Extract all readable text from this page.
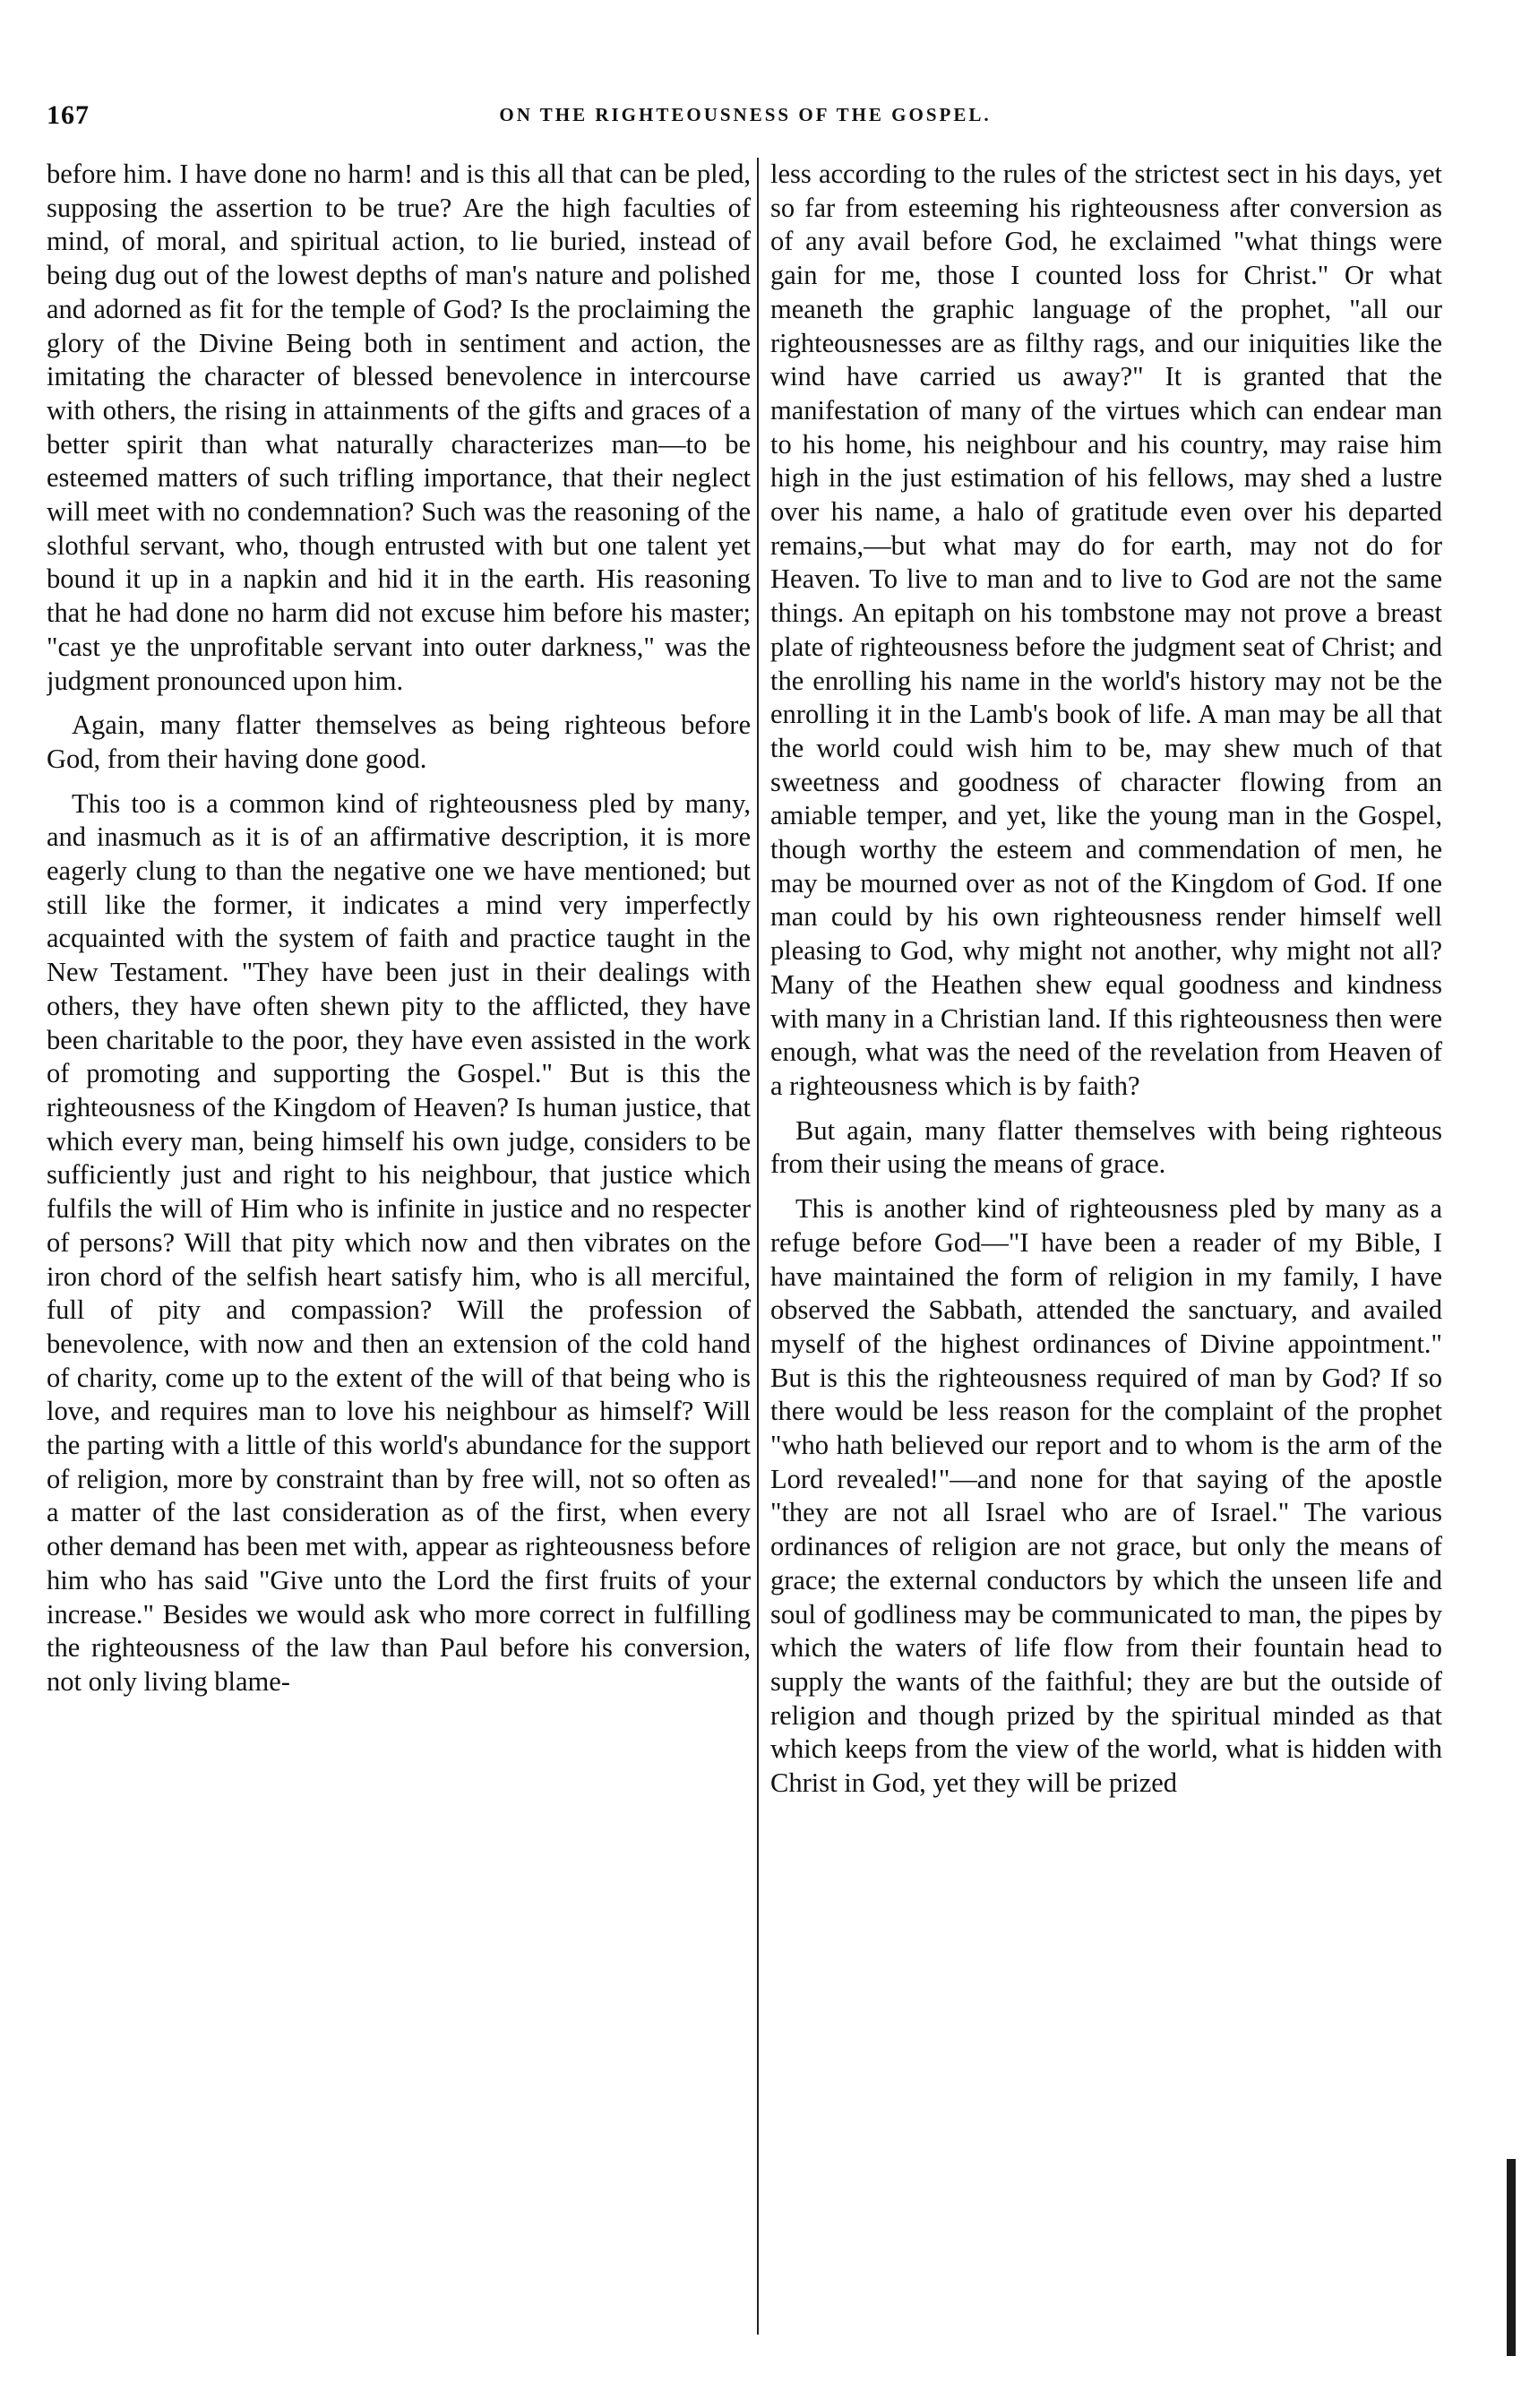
167	ON THE RIGHTEOUSNESS OF THE GOSPEL.

before him. I have done no harm! and is this all that can be pled, supposing the assertion to be true? Are the high faculties of mind, of moral, and spiritual action, to lie buried, instead of being dug out of the lowest depths of man's nature and polished and adorned as fit for the temple of God? Is the proclaiming the glory of the Divine Being both in sentiment and action, the imitating the character of blessed benevolence in intercourse with others, the rising in attainments of the gifts and graces of a better spirit than what naturally characterizes man—to be esteemed matters of such trifling importance, that their neglect will meet with no condemnation? Such was the reasoning of the slothful servant, who, though entrusted with but one talent yet bound it up in a napkin and hid it in the earth. His reasoning that he had done no harm did not excuse him before his master; "cast ye the unprofitable servant into outer darkness," was the judgment pronounced upon him.

Again, many flatter themselves as being righteous before God, from their having done good.

This too is a common kind of righteousness pled by many, and inasmuch as it is of an affirmative description, it is more eagerly clung to than the negative one we have mentioned; but still like the former, it indicates a mind very imperfectly acquainted with the system of faith and practice taught in the New Testament. "They have been just in their dealings with others, they have often shewn pity to the afflicted, they have been charitable to the poor, they have even assisted in the work of promoting and supporting the Gospel." But is this the righteousness of the Kingdom of Heaven? Is human justice, that which every man, being himself his own judge, considers to be sufficiently just and right to his neighbour, that justice which fulfils the will of Him who is infinite in justice and no respecter of persons? Will that pity which now and then vibrates on the iron chord of the selfish heart satisfy him, who is all merciful, full of pity and compassion? Will the profession of benevolence, with now and then an extension of the cold hand of charity, come up to the extent of the will of that being who is love, and requires man to love his neighbour as himself? Will the parting with a little of this world's abundance for the support of religion, more by constraint than by free will, not so often as a matter of the last consideration as of the first, when every other demand has been met with, appear as righteousness before him who has said "Give unto the Lord the first fruits of your increase." Besides we would ask who more correct in fulfilling the righteousness of the law than Paul before his conversion, not only living blame-

less according to the rules of the strictest sect in his days, yet so far from esteeming his righteousness after conversion as of any avail before God, he exclaimed "what things were gain for me, those I counted loss for Christ." Or what meaneth the graphic language of the prophet, "all our righteousnesses are as filthy rags, and our iniquities like the wind have carried us away?" It is granted that the manifestation of many of the virtues which can endear man to his home, his neighbour and his country, may raise him high in the just estimation of his fellows, may shed a lustre over his name, a halo of gratitude even over his departed remains,—but what may do for earth, may not do for Heaven. To live to man and to live to God are not the same things. An epitaph on his tombstone may not prove a breast plate of righteousness before the judgment seat of Christ; and the enrolling his name in the world's history may not be the enrolling it in the Lamb's book of life. A man may be all that the world could wish him to be, may shew much of that sweetness and goodness of character flowing from an amiable temper, and yet, like the young man in the Gospel, though worthy the esteem and commendation of men, he may be mourned over as not of the Kingdom of God. If one man could by his own righteousness render himself well pleasing to God, why might not another, why might not all? Many of the Heathen shew equal goodness and kindness with many in a Christian land. If this righteousness then were enough, what was the need of the revelation from Heaven of a righteousness which is by faith?

But again, many flatter themselves with being righteous from their using the means of grace.

This is another kind of righteousness pled by many as a refuge before God—"I have been a reader of my Bible, I have maintained the form of religion in my family, I have observed the Sabbath, attended the sanctuary, and availed myself of the highest ordinances of Divine appointment." But is this the righteousness required of man by God? If so there would be less reason for the complaint of the prophet "who hath believed our report and to whom is the arm of the Lord revealed!"—and none for that saying of the apostle "they are not all Israel who are of Israel." The various ordinances of religion are not grace, but only the means of grace; the external conductors by which the unseen life and soul of godliness may be communicated to man, the pipes by which the waters of life flow from their fountain head to supply the wants of the faithful; they are but the outside of religion and though prized by the spiritual minded as that which keeps from the view of the world, what is hidden with Christ in God, yet they will be prized
